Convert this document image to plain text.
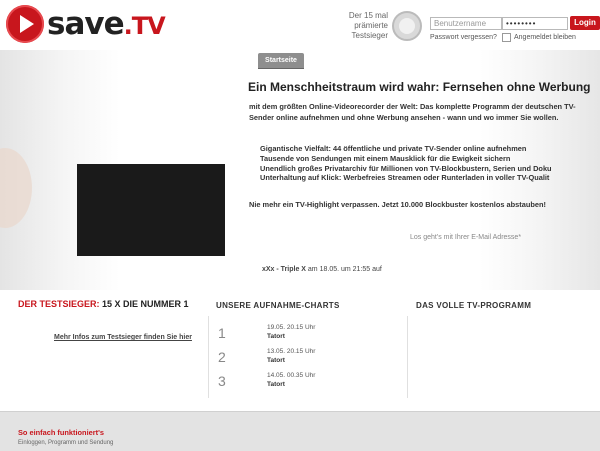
save.TV	Der 15 mal prämierte Testsieger
Benutzername	••••••••	Login
Passwort vergessen? Angemeldet bleiben
Startseite
Ein Menschheitstraum wird wahr: Fernsehen ohne Werbung
mit dem größten Online-Videorecorder der Welt: Das komplette Programm der deutschen TV-Sender online aufnehmen und ohne Werbung ansehen - wann und wo immer Sie wollen.
Gigantische Vielfalt: 44 öffentliche und private TV-Sender online aufnehmen
Tausende von Sendungen mit einem Mausklick für die Ewigkeit sichern
Unendlich großes Privatarchiv für Millionen von TV-Blockbustern, Serien und Doku
Unterhaltung auf Klick: Werbefreies Streamen oder Runterladen in voller TV-Qualit
Nie mehr ein TV-Highlight verpassen. Jetzt 10.000 Blockbuster kostenlos abstauben!
Los geht's mit Ihrer E-Mail Adresse*
xXx - Triple X am 18.05. um 21:55 auf
DER TESTSIEGER: 15 X DIE NUMMER 1
Mehr Infos zum Testsieger finden Sie hier
UNSERE AUFNAHME-CHARTS
1	19.05. 20.15 Uhr
Tatort
2	13.05. 20.15 Uhr
Tatort
3	14.05. 00.35 Uhr
Tatort
DAS VOLLE TV-PROGRAMM
So einfach funktioniert's
Einloggen, Programm und Sendung
